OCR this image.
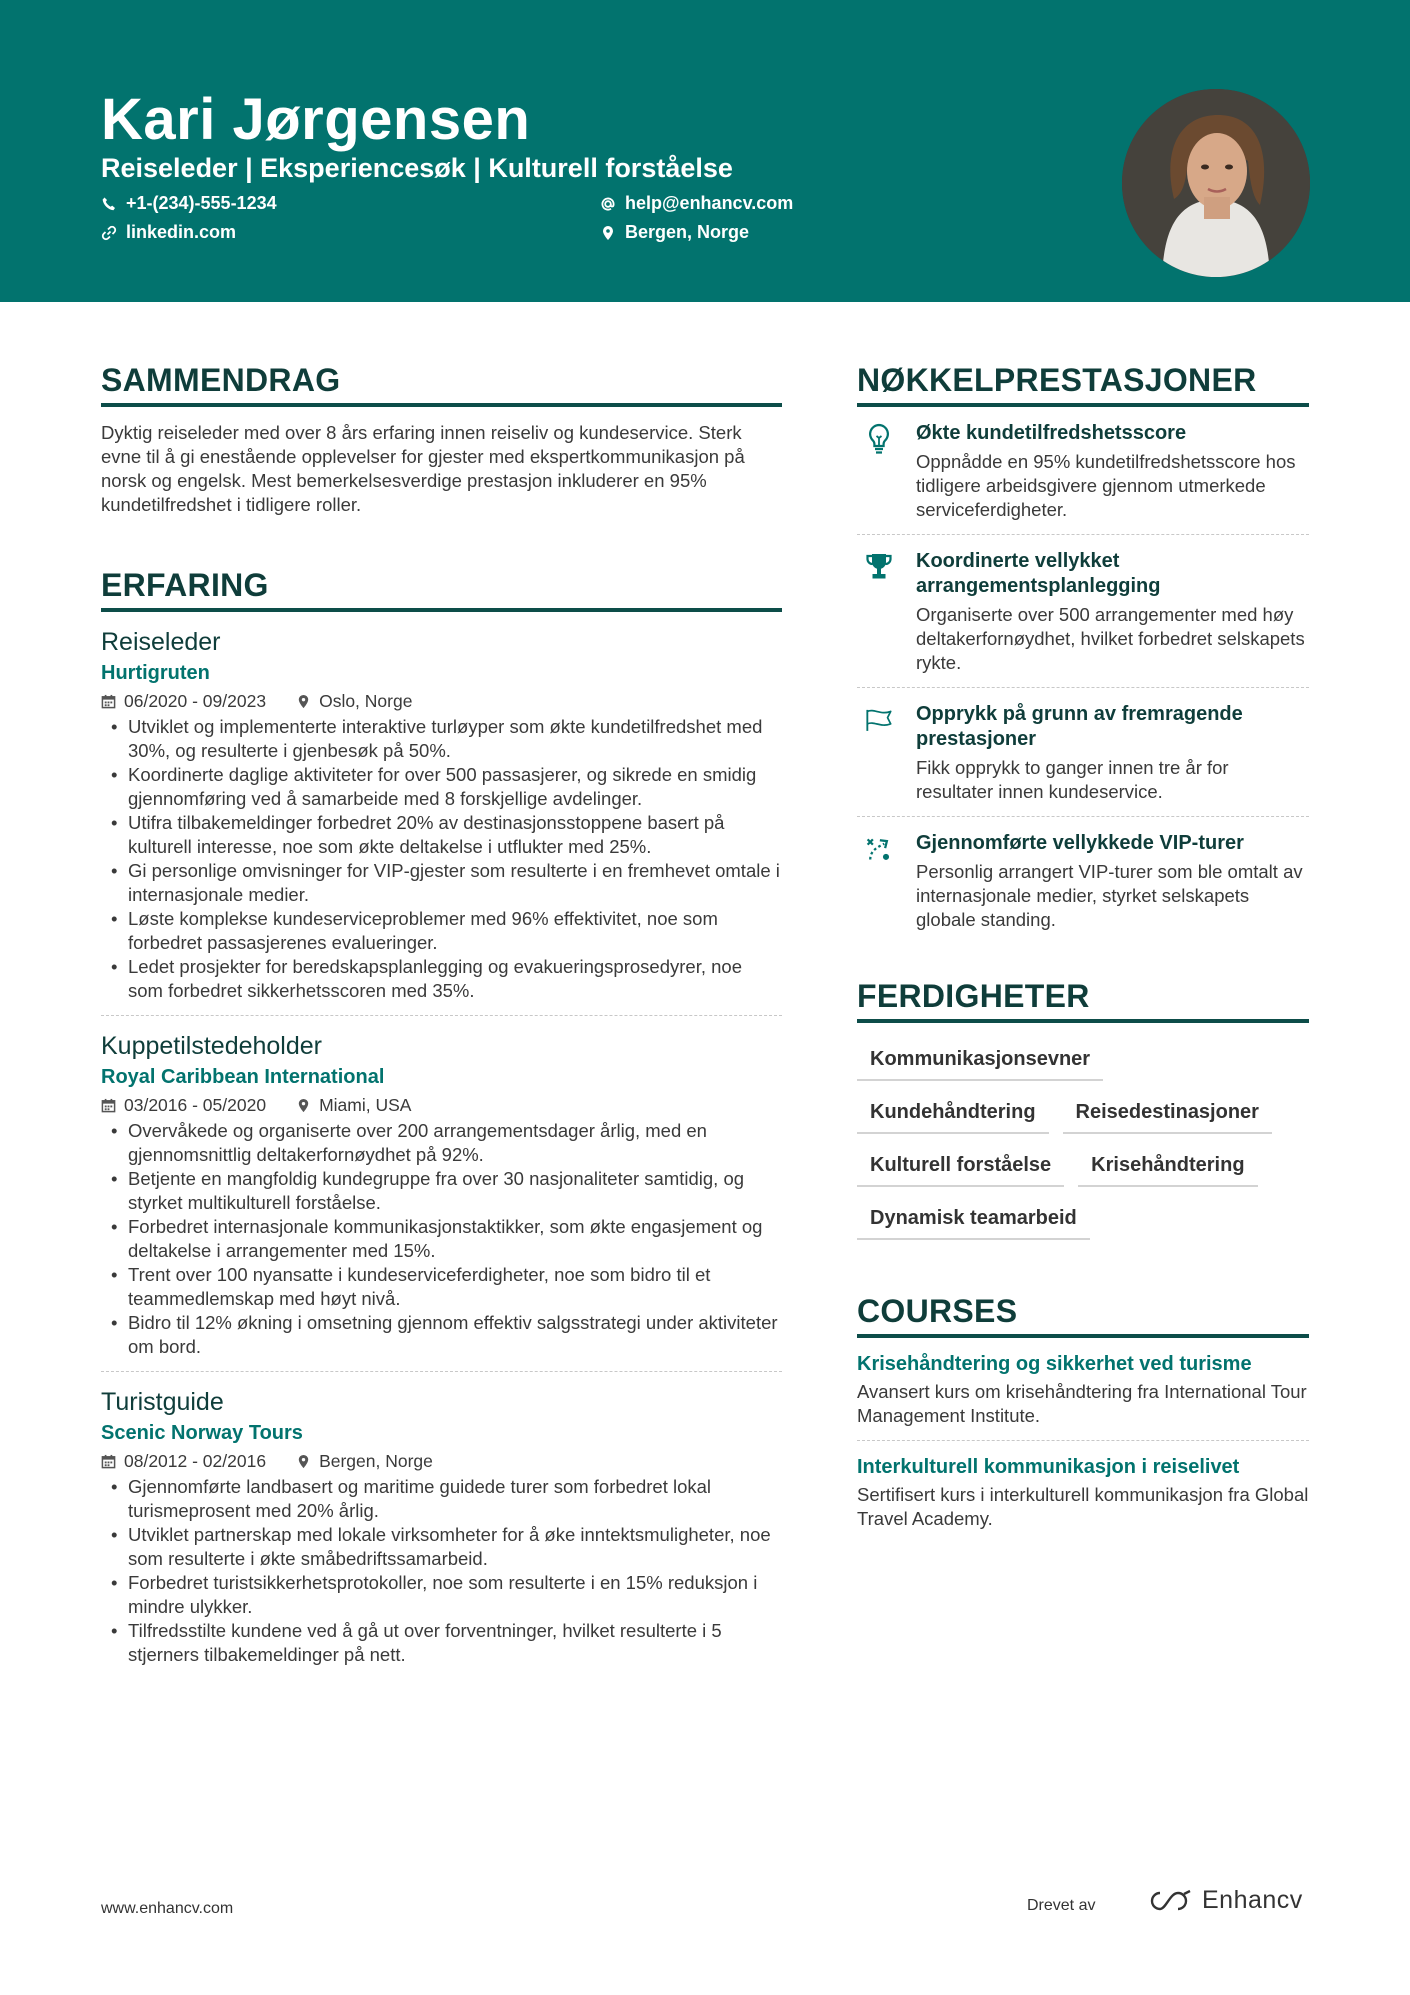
Kari Jørgensen
Reiseleder | Eksperiencesøk | Kulturell forståelse
+1-(234)-555-1234	help@enhancv.com
linkedin.com	Bergen, Norge
SAMMENDRAG
Dyktig reiseleder med over 8 års erfaring innen reiseliv og kundeservice. Sterk evne til å gi enestående opplevelser for gjester med ekspertkommunikasjon på norsk og engelsk. Mest bemerkelsesverdige prestasjon inkluderer en 95% kundetilfredshet i tidligere roller.
ERFARING
Reiseleder
Hurtigruten
06/2020 - 09/2023	Oslo, Norge
• Utviklet og implementerte interaktive turløyper som økte kundetilfredshet med 30%, og resulterte i gjenbesøk på 50%.
• Koordinerte daglige aktiviteter for over 500 passasjerer, og sikrede en smidig gjennomføring ved å samarbeide med 8 forskjellige avdelinger.
• Utifra tilbakemeldinger forbedret 20% av destinasjonsstoppene basert på kulturell interesse, noe som økte deltakelse i utflukter med 25%.
• Gi personlige omvisninger for VIP-gjester som resulterte i en fremhevet omtale i internasjonale medier.
• Løste komplekse kundeserviceproblemer med 96% effektivitet, noe som forbedret passasjerenes evalueringer.
• Ledet prosjekter for beredskapsplanlegging og evakueringsprosedyrer, noe som forbedret sikkerhetsscoren med 35%.
Kuppetilstedeholder
Royal Caribbean International
03/2016 - 05/2020	Miami, USA
• Overvåkede og organiserte over 200 arrangementsdager årlig, med en gjennomsnittlig deltakerfornøydhet på 92%.
• Betjente en mangfoldig kundegruppe fra over 30 nasjonaliteter samtidig, og styrket multikulturell forståelse.
• Forbedret internasjonale kommunikasjonstaktikker, som økte engasjement og deltakelse i arrangementer med 15%.
• Trent over 100 nyansatte i kundeserviceferdigheter, noe som bidro til et teammedlemskap med høyt nivå.
• Bidro til 12% økning i omsetning gjennom effektiv salgsstrategi under aktiviteter om bord.
Turistguide
Scenic Norway Tours
08/2012 - 02/2016	Bergen, Norge
• Gjennomførte landbasert og maritime guidede turer som forbedret lokal turismeprosent med 20% årlig.
• Utviklet partnerskap med lokale virksomheter for å øke inntektsmuligheter, noe som resulterte i økte småbedriftssamarbeid.
• Forbedret turistsikkerhetsprotokoller, noe som resulterte i en 15% reduksjon i mindre ulykker.
• Tilfredsstilte kundene ved å gå ut over forventninger, hvilket resulterte i 5 stjerners tilbakemeldinger på nett.
NØKKELPRESTASJONER
Økte kundetilfredshetsscore
Oppnådde en 95% kundetilfredshetsscore hos tidligere arbeidsgivere gjennom utmerkede serviceferdigheter.
Koordinerte vellykket arrangementsplanlegging
Organiserte over 500 arrangementer med høy deltakerfornøydhet, hvilket forbedret selskapets rykte.
Opprykk på grunn av fremragende prestasjoner
Fikk opprykk to ganger innen tre år for resultater innen kundeservice.
Gjennomførte vellykkede VIP-turer
Personlig arrangert VIP-turer som ble omtalt av internasjonale medier, styrket selskapets globale standing.
FERDIGHETER
Kommunikasjonsevner
Kundehåndtering	Reisedestinasjoner
Kulturell forståelse	Krisehåndtering
Dynamisk teamarbeid
COURSES
Krisehåndtering og sikkerhet ved turisme
Avansert kurs om krisehåndtering fra International Tour Management Institute.
Interkulturell kommunikasjon i reiselivet
Sertifisert kurs i interkulturell kommunikasjon fra Global Travel Academy.
www.enhancv.com	Drevet av	Enhancv
